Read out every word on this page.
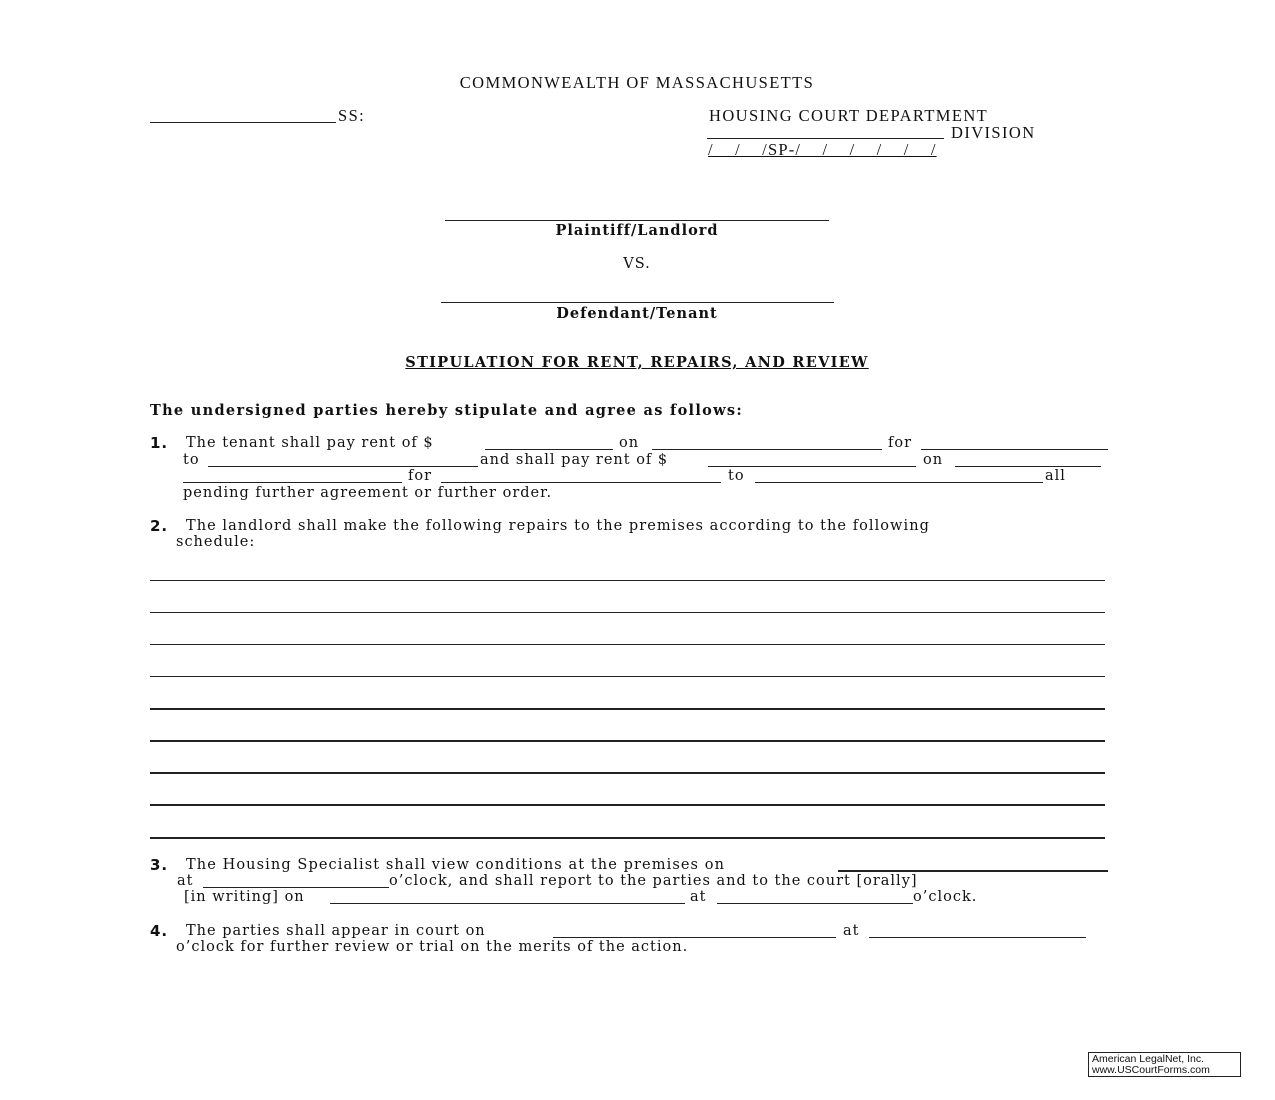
COMMONWEALTH OF MASSACHUSETTS
SS:	HOUSING COURT DEPARTMENT
DIVISION
/    /    /SP-/    /    /    /    /    /
Plaintiff/Landlord
VS.
Defendant/Tenant
STIPULATION FOR RENT, REPAIRS, AND REVIEW
The undersigned parties hereby stipulate and agree as follows:
1. The tenant shall pay rent of $	on	for
to	and shall pay rent of $	on
for	to	all
pending further agreement or further order.
2. The landlord shall make the following repairs to the premises according to the following
schedule:
3. The Housing Specialist shall view conditions at the premises on
at	o’clock, and shall report to the parties and to the court [orally]
[in writing] on	at	o’clock.
4. The parties shall appear in court on	at
o’clock for further review or trial on the merits of the action.
American LegalNet, Inc.
www.USCourtForms.com
